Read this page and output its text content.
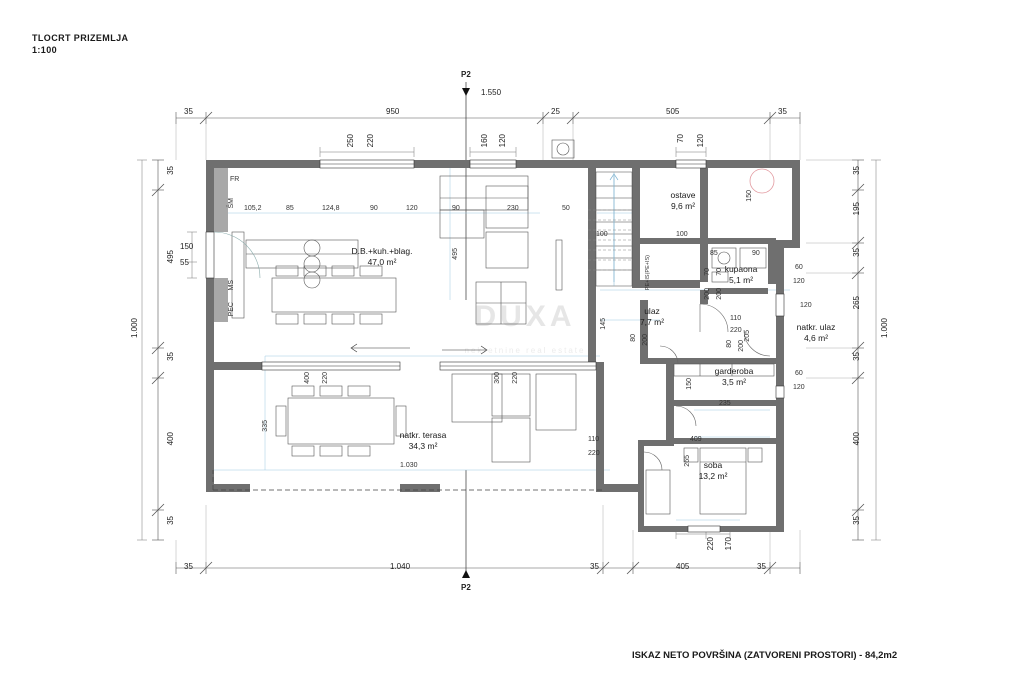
TLOCRT PRIZEMLJA
1:100
DUXA
nekretnine real estate
35	950	25	505	35
1.550
P2
P2
250 220	160 120	70 120
35	1.040	35	405	35
220 170
35
495
35
400
35
1.000
150
55
35
195
35
265
35
400
35
1.000
105,2	85	124,8	90	120	90	230	50
100	100
85	90
150
495
145
200
70 70
200
110
220
60
120
120
60
120
205
80 200	80 200
150
235
409
265
400 220	300 220
335
1.030
110
220
FR
ŠM
MS
PEC
PE+IS(PE+IS)
D.B.+kuh.+blag.
47,0 m²
ostave
9,6 m²
kupaona
5,1 m²
ulaz
7,7 m²	natkr. ulaz
4,6 m²
garderoba
3,5 m²
soba
13,2 m²
natkr. terasa
34,3 m²
ISKAZ NETO POVRŠINA (ZATVORENI PROSTORI) - 84,2m2
